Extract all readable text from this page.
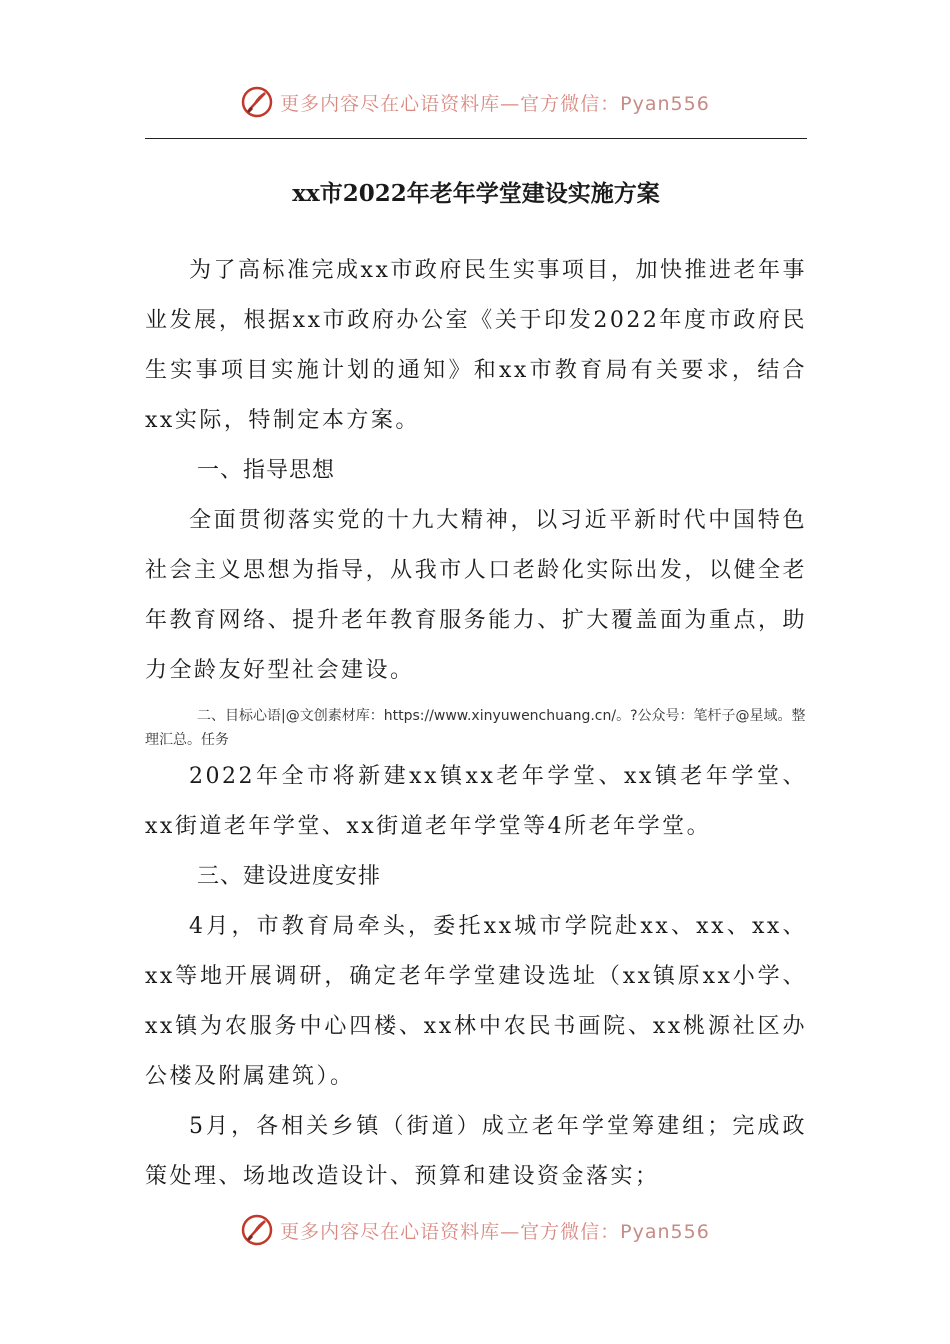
更多内容尽在心语资料库—官方微信：Pyan556
xx市2022年老年学堂建设实施方案

为了高标准完成xx市政府民生实事项目，加快推进老年事业发展，根据xx市政府办公室《关于印发2022年度市政府民生实事项目实施计划的通知》和xx市教育局有关要求，结合xx实际，特制定本方案。

一、指导思想

全面贯彻落实党的十九大精神，以习近平新时代中国特色社会主义思想为指导，从我市人口老龄化实际出发，以健全老年教育网络、提升老年教育服务能力、扩大覆盖面为重点，助力全龄友好型社会建设。

二、目标心语|@文创素材库：https://www.xinyuwenchuang.cn/。?公众号：笔杆子@星域。整理汇总。任务

2022年全市将新建xx镇xx老年学堂、xx镇老年学堂、xx街道老年学堂、xx街道老年学堂等4所老年学堂。

三、建设进度安排

4月，市教育局牵头，委托xx城市学院赴xx、xx、xx、xx等地开展调研，确定老年学堂建设选址（xx镇原xx小学、xx镇为农服务中心四楼、xx林中农民书画院、xx桃源社区办公楼及附属建筑）。

5月，各相关乡镇（街道）成立老年学堂筹建组；完成政策处理、场地改造设计、预算和建设资金落实；

更多内容尽在心语资料库—官方微信：Pyan556
